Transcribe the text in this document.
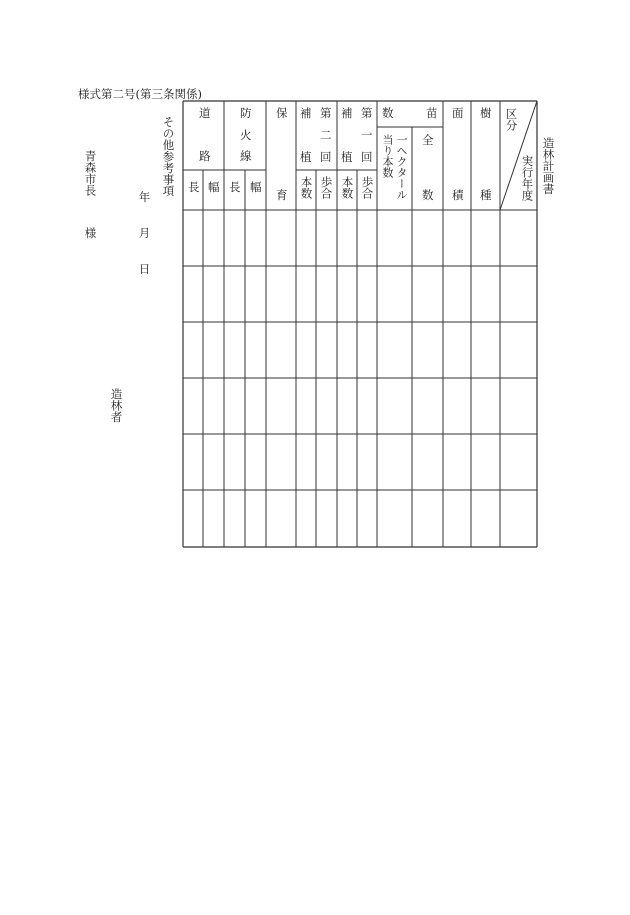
様式第二号(第三条関係)
青森市長
様
年
月
日
造林者
その他参考事項
道
路
長 幅
防
火
線
長 幅
保
育
補
植
第
二
回
本数 歩合
補
植
第
一
回
本数 歩合
数	苗
一ヘクタール
当り本数 全
数
面
積
樹
種
区分
実行年度 造林計画書
